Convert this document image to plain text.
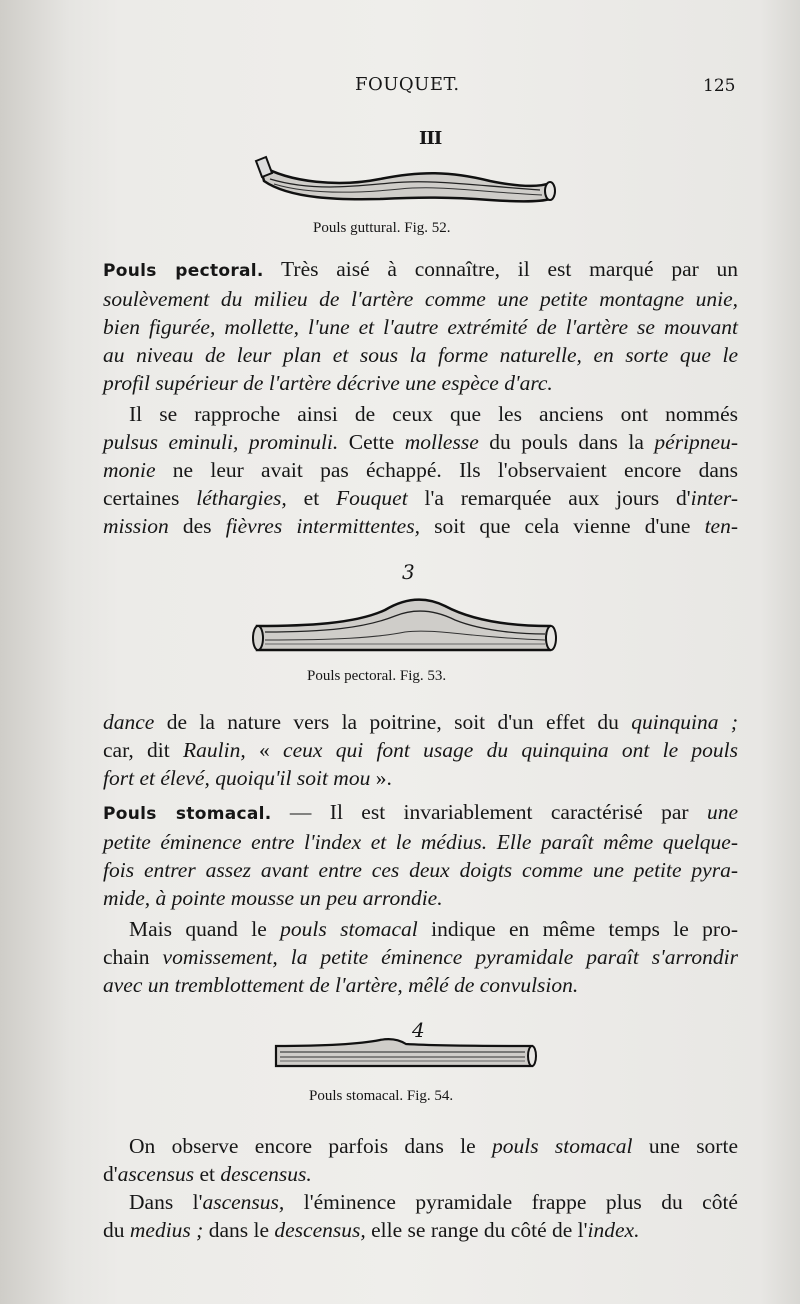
FOUQUET.	125
III
Pouls guttural. Fig. 52.
Pouls pectoral. Très aisé à connaître, il est marqué par un
soulèvement du milieu de l'artère comme une petite montagne unie,
bien figurée, mollette, l'une et l'autre extrémité de l'artère se mouvant
au niveau de leur plan et sous la forme naturelle, en sorte que le
profil supérieur de l'artère décrive une espèce d'arc.
Il se rapproche ainsi de ceux que les anciens ont nommés
pulsus eminuli, prominuli. Cette mollesse du pouls dans la péripneu-
monie ne leur avait pas échappé. Ils l'observaient encore dans
certaines léthargies, et Fouquet l'a remarquée aux jours d'inter-
mission des fièvres intermittentes, soit que cela vienne d'une ten-
3
Pouls pectoral. Fig. 53.
dance de la nature vers la poitrine, soit d'un effet du quinquina ;
car, dit Raulin, « ceux qui font usage du quinquina ont le pouls
fort et élevé, quoiqu'il soit mou ».
Pouls stomacal. — Il est invariablement caractérisé par une
petite éminence entre l'index et le médius. Elle paraît même quelque-
fois entrer assez avant entre ces deux doigts comme une petite pyra-
mide, à pointe mousse un peu arrondie.
Mais quand le pouls stomacal indique en même temps le pro-
chain vomissement, la petite éminence pyramidale paraît s'arrondir
avec un tremblottement de l'artère, mêlé de convulsion.
4
Pouls stomacal. Fig. 54.
On observe encore parfois dans le pouls stomacal une sorte
d'ascensus et descensus.
Dans l'ascensus, l'éminence pyramidale frappe plus du côté
du medius ; dans le descensus, elle se range du côté de l'index.
